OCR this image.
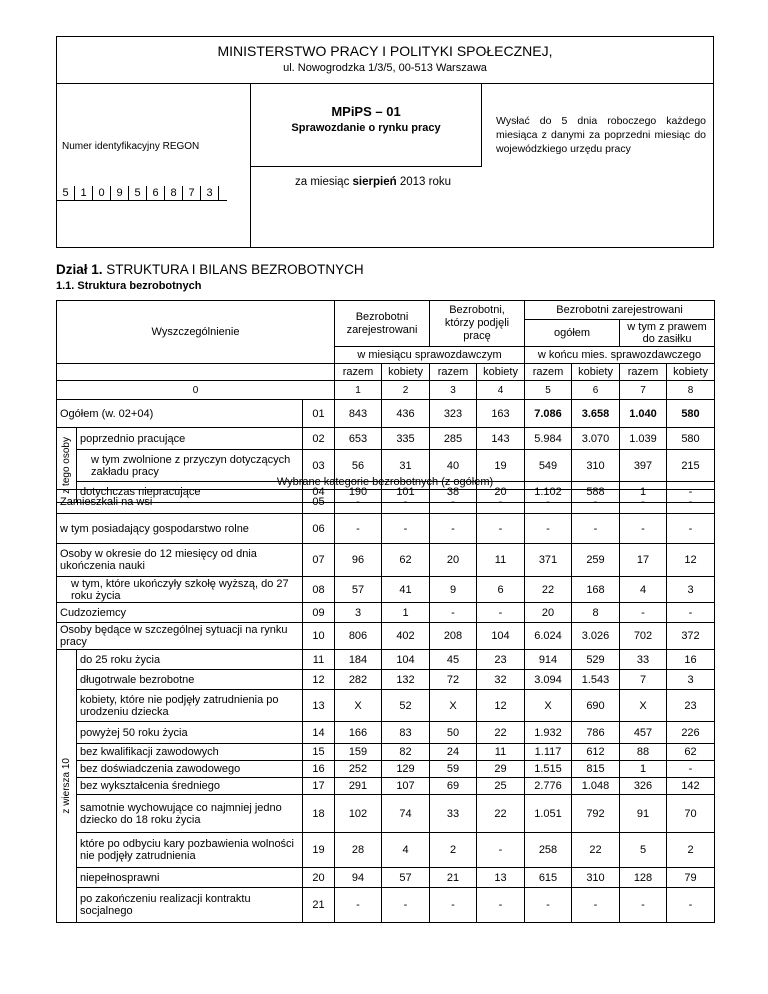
MINISTERSTWO PRACY I POLITYKI SPOŁECZNEJ,
ul. Nowogrodzka 1/3/5, 00-513 Warszawa
MPiPS – 01
Sprawozdanie o rynku pracy
Wysłać do 5 dnia roboczego każdego miesiąca z danymi za poprzedni miesiąc do wojewódzkiego urzędu pracy
Numer identyfikacyjny REGON
5	1	0	9	5	6	8	7	3
za miesiąc sierpień 2013 roku
Dział 1. STRUKTURA I BILANS BEZROBOTNYCH
1.1. Struktura bezrobotnych
Wyszczególnienie	Bezrobotni zarejestrowani		Bezrobotni, którzy podjęli pracę		Bezrobotni zarejestrowani			
					ogółem		w tym z prawem do zasiłku	
	w miesiącu sprawozdawczym				w końcu mies. sprawozdawczego			
	razem	kobiety	razem	kobiety	razem	kobiety	razem	kobiety
0	1	2	3	4	5	6	7	8
Ogółem (w. 02+04)		01	843	436	323	163	7.086	3.658	1.040	580

z tego osoby	poprzednio pracujące	02	653	335	285	143	5.984	3.070	1.039	580
	w tym zwolnione z przyczyn dotyczących zakładu pracy	03	56	31	40	19	549	310	397	215
	dotychczas niepracujące	04	190	101	38	20	1.102	588	1	-
Wybrane kategorie bezrobotnych (z ogółem)
Zamieszkali na wsi		05	-	-	-	-	-	-	-	-
w tym posiadający gospodarstwo rolne		06	-	-	-	-	-	-	-	-
Osoby w okresie do 12 miesięcy od dnia ukończenia nauki		07	96	62	20	11	371	259	17	12
w tym, które ukończyły szkołę wyższą, do 27 roku życia		08	57	41	9	6	22	168	4	3
Cudzoziemcy		09	3	1	-	-	20	8	-	-
Osoby będące w szczególnej sytuacji na rynku pracy		10	806	402	208	104	6.024	3.026	702	372

z wiersza 10	do 25 roku życia	11	184	104	45	23	914	529	33	16
	długotrwale bezrobotne	12	282	132	72	32	3.094	1.543	7	3
	kobiety, które nie podjęły zatrudnienia po urodzeniu dziecka	13	X	52	X	12	X	690	X	23
	powyżej 50 roku życia	14	166	83	50	22	1.932	786	457	226
	bez kwalifikacji zawodowych	15	159	82	24	11	1.117	612	88	62
	bez doświadczenia zawodowego	16	252	129	59	29	1.515	815	1	-
	bez wykształcenia średniego	17	291	107	69	25	2.776	1.048	326	142
	samotnie wychowujące co najmniej jedno dziecko do 18 roku życia	18	102	74	33	22	1.051	792	91	70
	które po odbyciu kary pozbawienia wolności nie podjęły zatrudnienia	19	28	4	2	-	258	22	5	2
	niepełnosprawni	20	94	57	21	13	615	310	128	79
	po zakończeniu realizacji kontraktu socjalnego	21	-	-	-	-	-	-	-	-
